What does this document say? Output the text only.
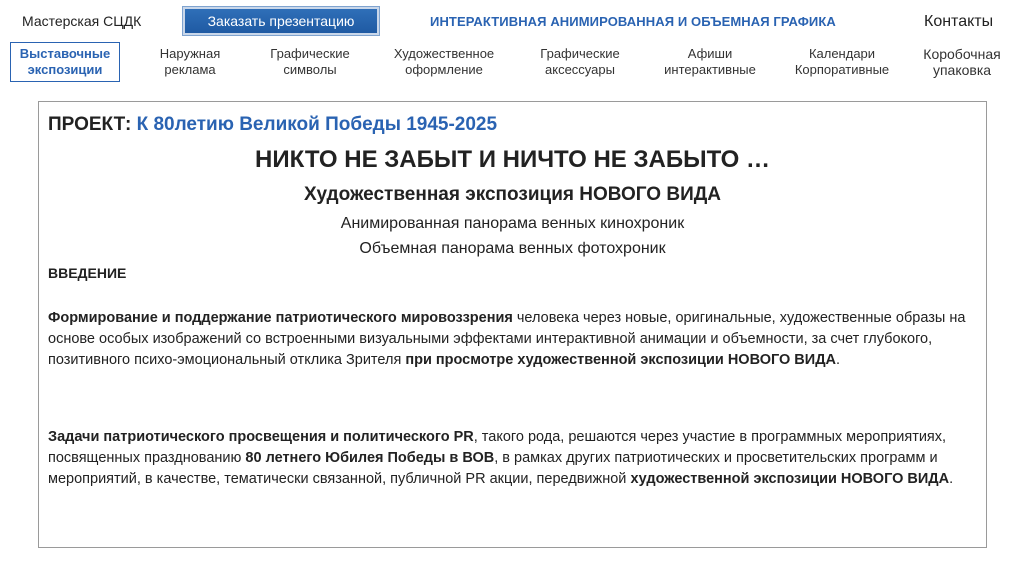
Мастерская СЦДК	Заказать презентацию	ИНТЕРАКТИВНАЯ АНИМИРОВАННАЯ И ОБЪЕМНАЯ ГРАФИКА	Контакты
Выставочные
экспозиции
Наружная
реклама
Графические
символы
Художественное
оформление
Графические
аксессуары
Афиши
интерактивные
Календари
Корпоративные
Коробочная
упаковка
ПРОЕКТ: К 80летию Великой Победы 1945-2025
НИКТО НЕ ЗАБЫТ И НИЧТО НЕ ЗАБЫТО …
Художественная экспозиция НОВОГО ВИДА
Анимированная панорама венных кинохроник
Объемная панорама венных фотохроник
ВВЕДЕНИЕ
Формирование и поддержание патриотического мировоззрения человека через новые, оригинальные, художественные образы на основе особых изображений со встроенными визуальными эффектами интерактивной анимации и объемности, за счет глубокого, позитивного психо-эмоциональный отклика Зрителя при просмотре художественной экспозиции НОВОГО ВИДА.
Задачи патриотического просвещения и политического PR, такого рода, решаются через участие в программных мероприятиях, посвященных празднованию 80 летнего Юбилея Победы в ВОВ, в рамках других патриотических и просветительских программ и мероприятий, в качестве, тематически связанной, публичной PR акции, передвижной художественной экспозиции НОВОГО ВИДА.
